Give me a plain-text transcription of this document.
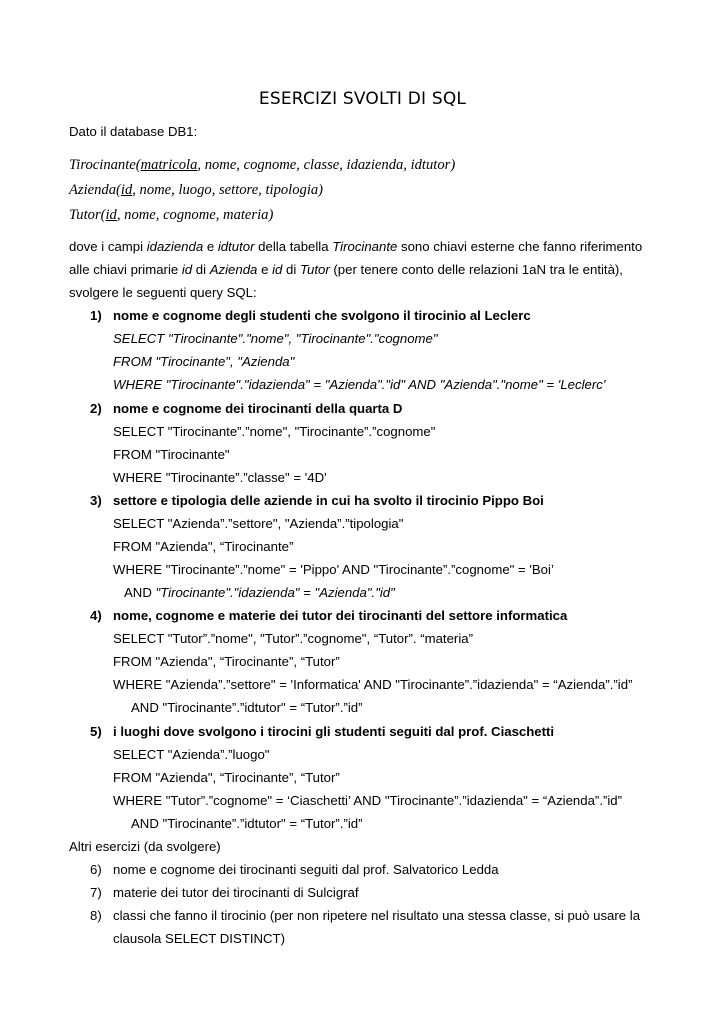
ESERCIZI SVOLTI DI SQL
Dato il database DB1:
Tirocinante(matricola, nome, cognome, classe, idazienda, idtutor)
Azienda(id, nome, luogo, settore, tipologia)
Tutor(id, nome, cognome, materia)
dove i campi idazienda e idtutor della tabella Tirocinante sono chiavi esterne che fanno riferimento
alle chiavi primarie id di Azienda e id di Tutor (per tenere conto delle relazioni 1aN tra le entità),
svolgere le seguenti query SQL:
1) nome e cognome degli studenti che svolgono il tirocinio al Leclerc
SELECT "Tirocinante"."nome", "Tirocinante"."cognome"
FROM "Tirocinante", "Azienda"
WHERE "Tirocinante"."idazienda" = "Azienda"."id" AND "Azienda"."nome" = 'Leclerc'
2) nome e cognome dei tirocinanti della quarta D
SELECT "Tirocinante”.”nome", "Tirocinante”.”cognome"
FROM "Tirocinante"
WHERE "Tirocinante”.”classe" = '4D'
3) settore e tipologia delle aziende in cui ha svolto il tirocinio Pippo Boi
SELECT "Azienda”.”settore", "Azienda”.”tipologia"
FROM "Azienda", “Tirocinante”
WHERE "Tirocinante”.”nome" = 'Pippo' AND "Tirocinante”.”cognome" = 'Boi’
AND "Tirocinante"."idazienda" = "Azienda"."id"
4) nome, cognome e materie dei tutor dei tirocinanti del settore informatica
SELECT "Tutor”.”nome", "Tutor”.”cognome", “Tutor”. “materia”
FROM "Azienda", “Tirocinante”, “Tutor”
WHERE "Azienda”.”settore" = 'Informatica' AND "Tirocinante”.”idazienda" = “Azienda”.”id”
AND "Tirocinante”.”idtutor" = “Tutor”.”id”
5) i luoghi dove svolgono i tirocini gli studenti seguiti dal prof. Ciaschetti
SELECT "Azienda”.”luogo"
FROM "Azienda", “Tirocinante”, “Tutor”
WHERE "Tutor”.”cognome" = ‘Ciaschetti’ AND "Tirocinante”.”idazienda" = “Azienda”.”id”
AND "Tirocinante”.”idtutor" = “Tutor”.”id”
Altri esercizi (da svolgere)
6) nome e cognome dei tirocinanti seguiti dal prof. Salvatorico Ledda
7) materie dei tutor dei tirocinanti di Sulcigraf
8) classi che fanno il tirocinio (per non ripetere nel risultato una stessa classe, si può usare la
clausola SELECT DISTINCT)
